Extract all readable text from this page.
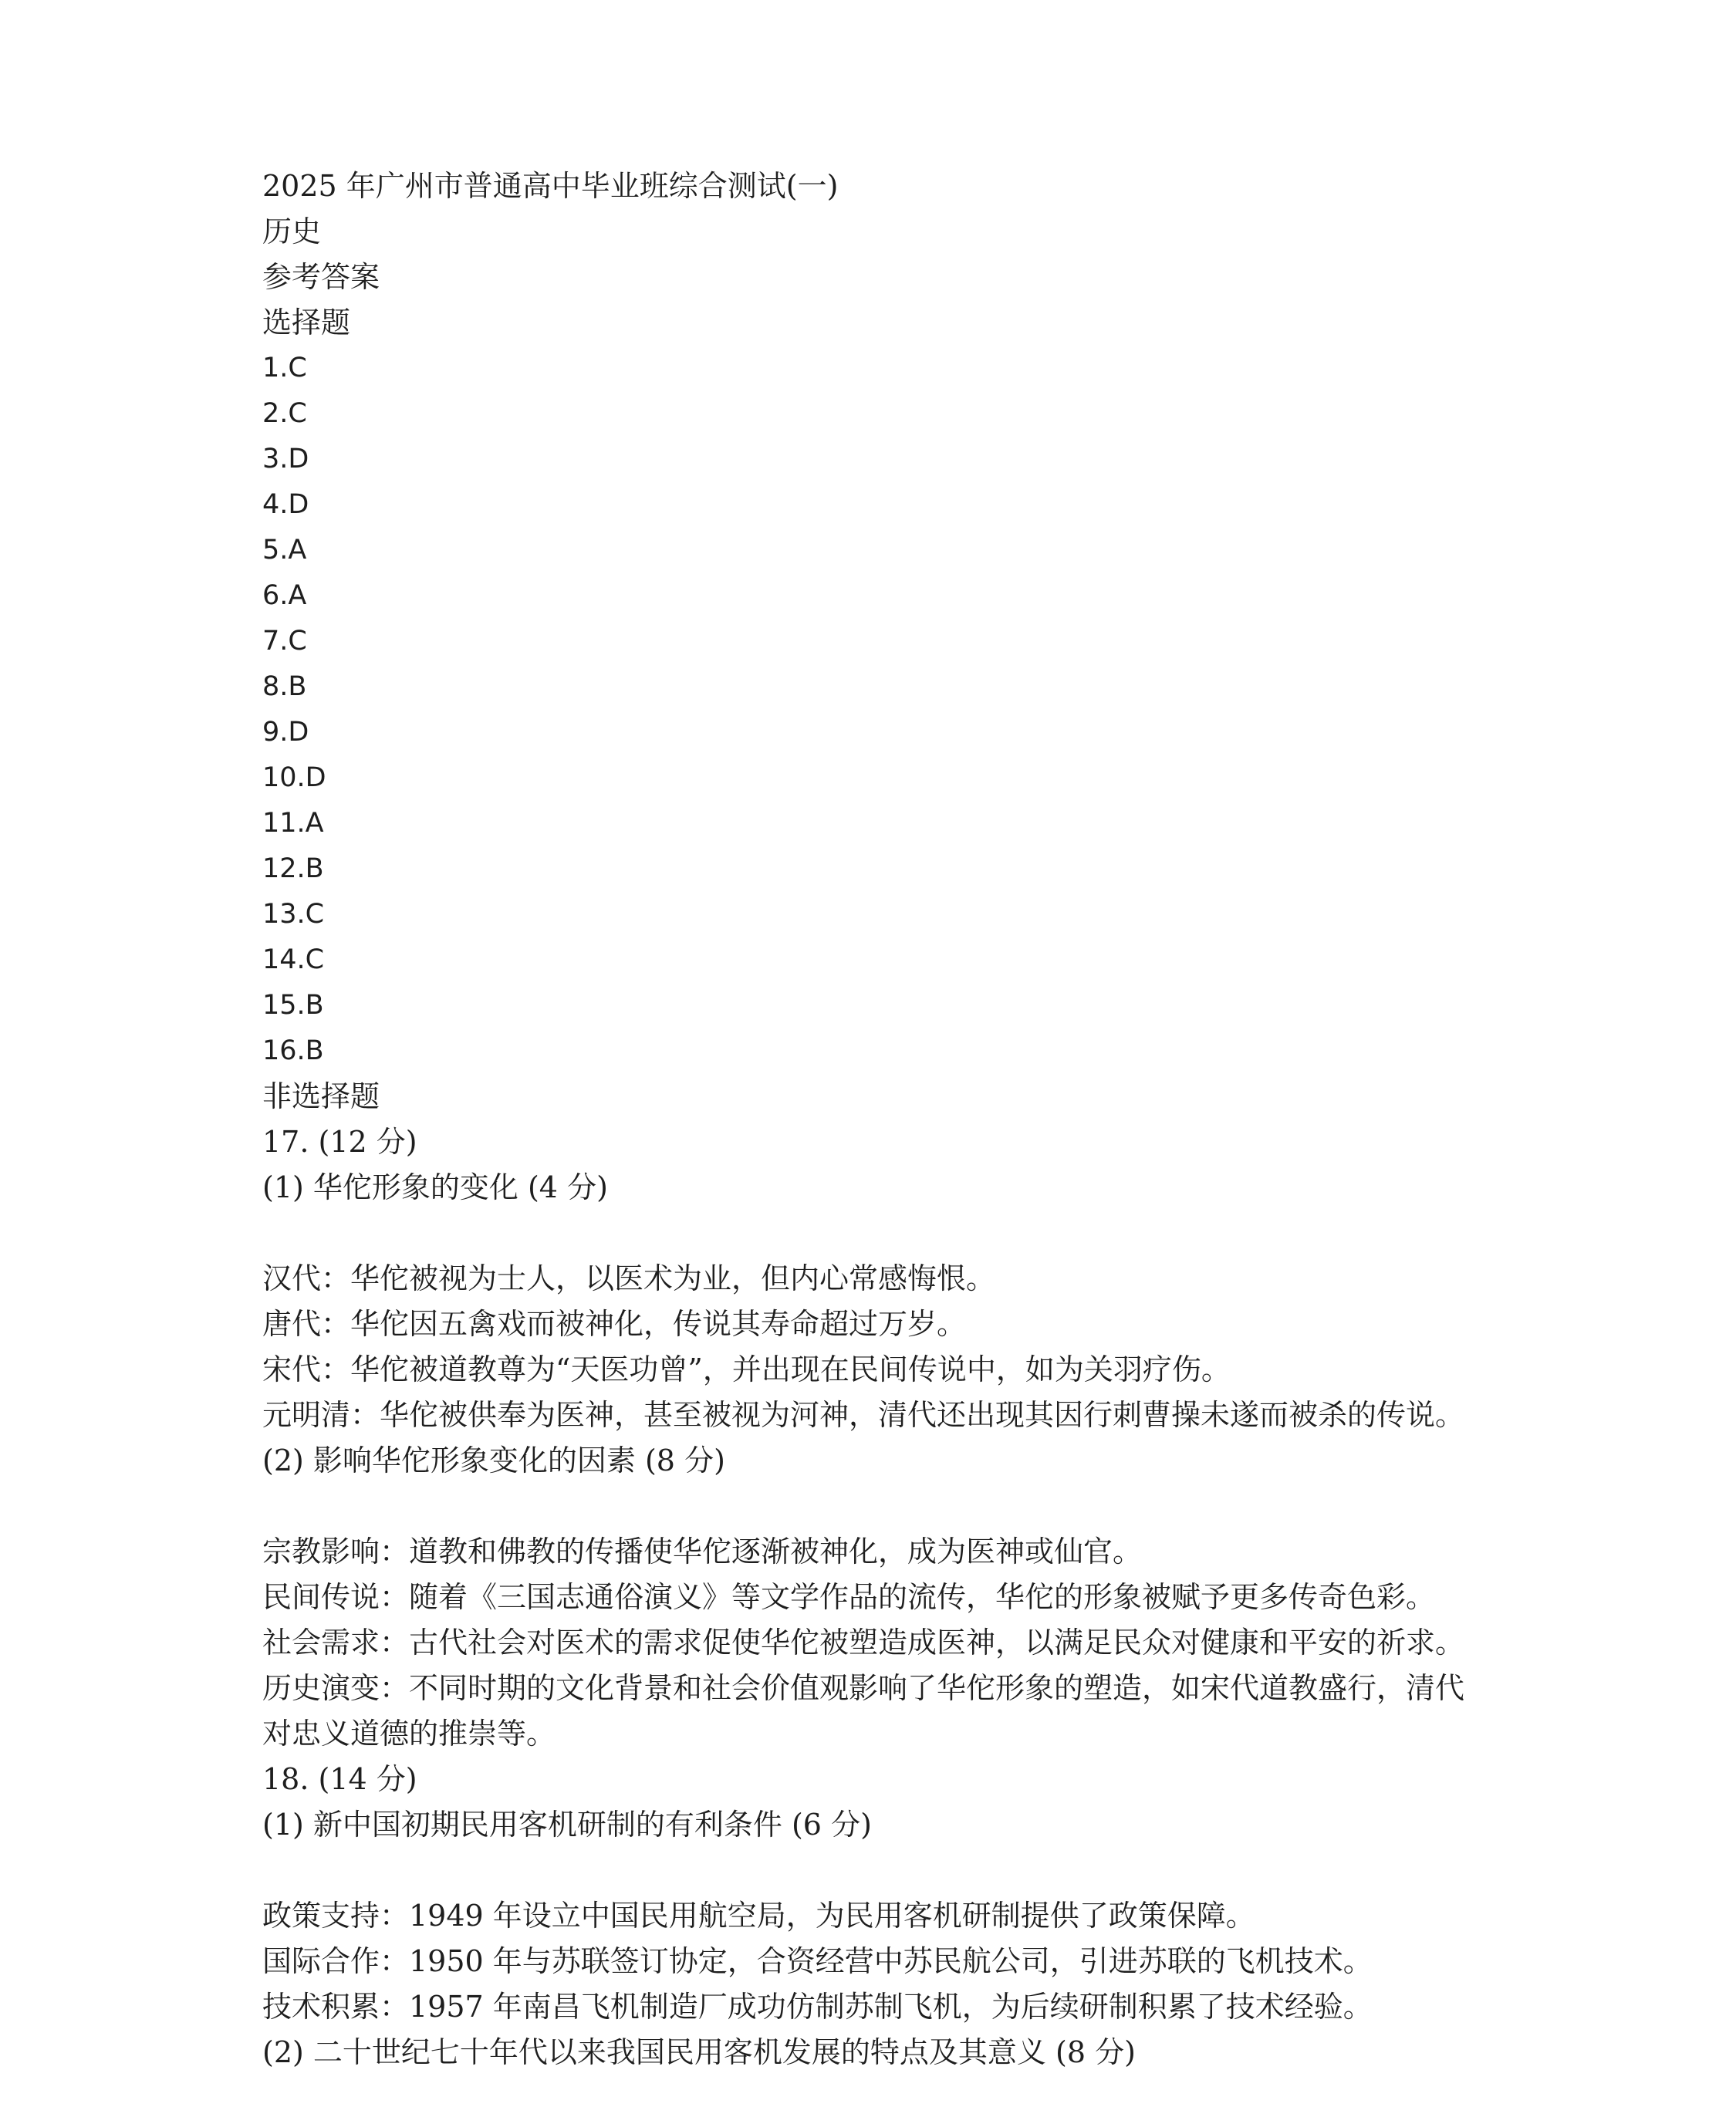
2025 年广州市普通高中毕业班综合测试(一)
历史
参考答案
选择题
1.C
2.C
3.D
4.D
5.A
6.A
7.C
8.B
9.D
10.D
11.A
12.B
13.C
14.C
15.B
16.B
非选择题
17. (12 分)
(1) 华佗形象的变化 (4 分)
汉代：华佗被视为士人，以医术为业，但内心常感悔恨。
唐代：华佗因五禽戏而被神化，传说其寿命超过万岁。
宋代：华佗被道教尊为“天医功曾”，并出现在民间传说中，如为关羽疗伤。
元明清：华佗被供奉为医神，甚至被视为河神，清代还出现其因行刺曹操未遂而被杀的传说。
(2) 影响华佗形象变化的因素 (8 分)
宗教影响：道教和佛教的传播使华佗逐渐被神化，成为医神或仙官。
民间传说：随着《三国志通俗演义》等文学作品的流传，华佗的形象被赋予更多传奇色彩。
社会需求：古代社会对医术的需求促使华佗被塑造成医神，以满足民众对健康和平安的祈求。
历史演变：不同时期的文化背景和社会价值观影响了华佗形象的塑造，如宋代道教盛行，清代对忠义道德的推崇等。
18. (14 分)
(1) 新中国初期民用客机研制的有利条件 (6 分)
政策支持：1949 年设立中国民用航空局，为民用客机研制提供了政策保障。
国际合作：1950 年与苏联签订协定，合资经营中苏民航公司，引进苏联的飞机技术。
技术积累：1957 年南昌飞机制造厂成功仿制苏制飞机，为后续研制积累了技术经验。
(2) 二十世纪七十年代以来我国民用客机发展的特点及其意义 (8 分)
